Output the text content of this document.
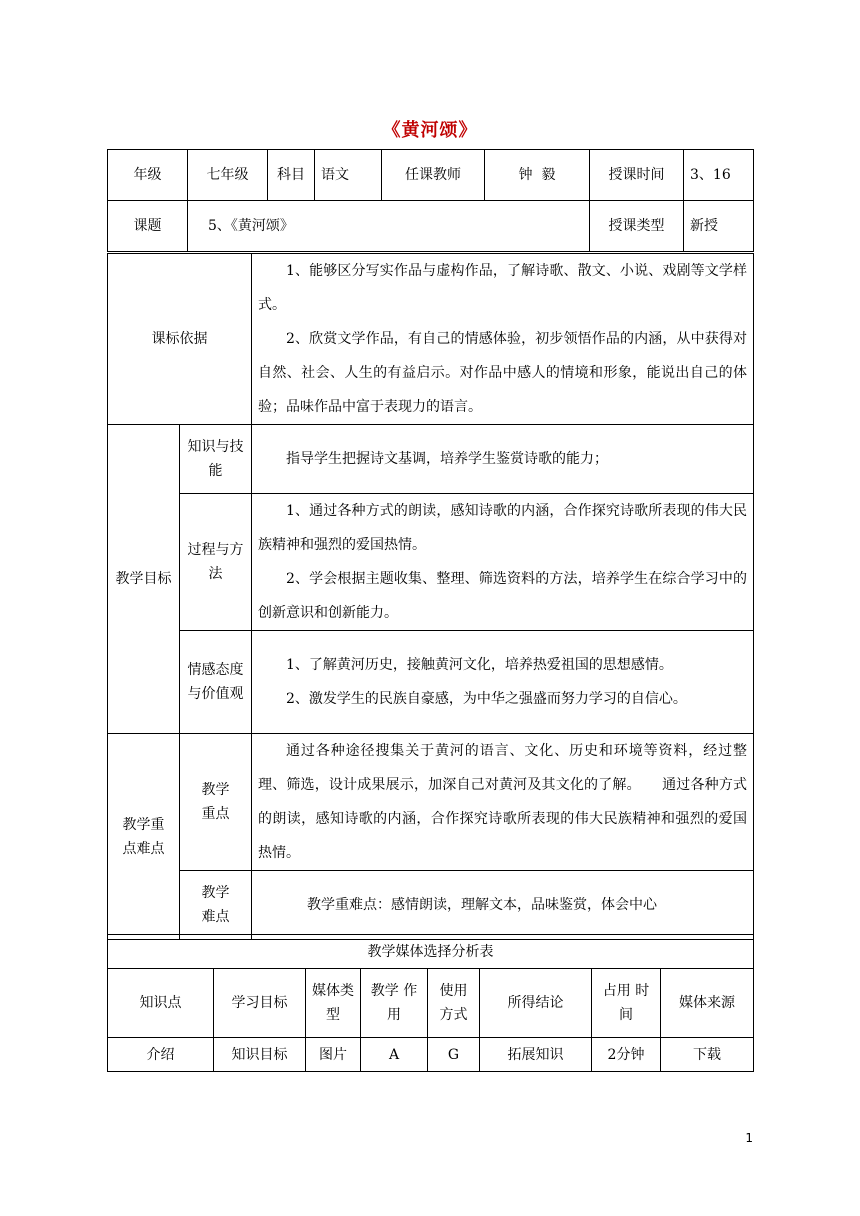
《黄河颂》
年级	七年级	科目	语文	任课教师	钟  毅	授课时间	3、16
课题	5、《黄河颂》					授课类型	新授
课标依据		1、能够区分写实作品与虚构作品，了解诗歌、散文、小说、戏剧等文学样式。

2、欣赏文学作品，有自己的情感体验，初步领悟作品的内涵，从中获得对自然、社会、人生的有益启示。对作品中感人的情境和形象，能说出自己的体验；品味作品中富于表现力的语言。

教学目标	知识与技能	指导学生把握诗文基调，培养学生鉴赏诗歌的能力；

	过程与方法	1、通过各种方式的朗读，感知诗歌的内涵，合作探究诗歌所表现的伟大民族精神和强烈的爱国热情。

2、学会根据主题收集、整理、筛选资料的方法，培养学生在综合学习中的创新意识和创新能力。

	情感态度与价值观	1、了解黄河历史，接触黄河文化，培养热爱祖国的思想感情。

2、激发学生的民族自豪感，为中华之强盛而努力学习的自信心。

教学重点难点	教学重点	通过各种途径搜集关于黄河的语言、文化、历史和环境等资料，经过整理、筛选，设计成果展示，加深自己对黄河及其文化的了解。　　通过各种方式的朗读，感知诗歌的内涵，合作探究诗歌所表现的伟大民族精神和强烈的爱国热情。

	教学难点	教学重难点：感情朗读，理解文本，品味鉴赏，体会中心

教学媒体选择分析表							
知识点	学习目标	媒体类型	教学 作用	使用方式	所得结论	占用 时间	媒体来源
介绍	知识目标	图片	A	G	拓展知识	2分钟	下载
1
